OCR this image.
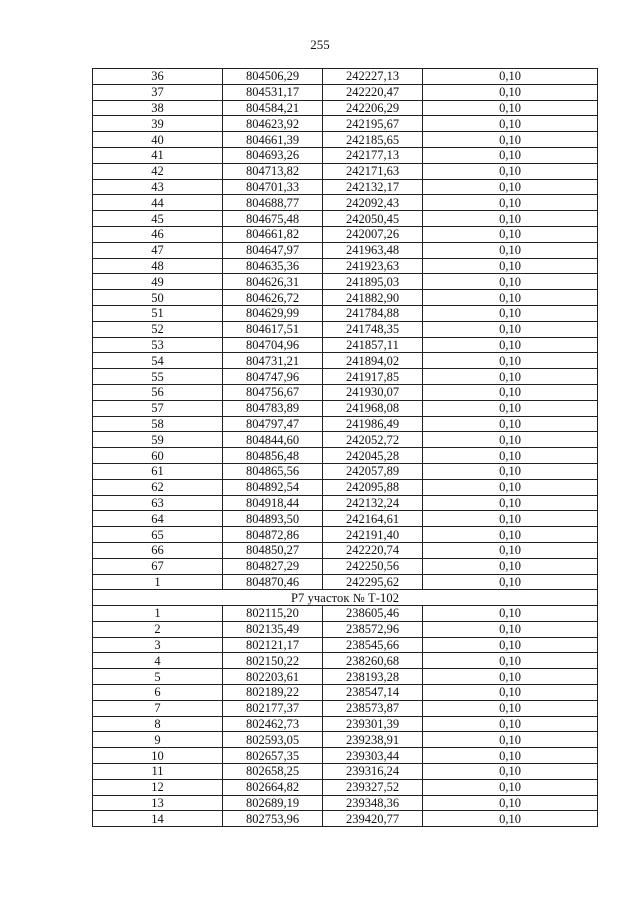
255
36	804506,29	242227,13	0,10
37	804531,17	242220,47	0,10
38	804584,21	242206,29	0,10
39	804623,92	242195,67	0,10
40	804661,39	242185,65	0,10
41	804693,26	242177,13	0,10
42	804713,82	242171,63	0,10
43	804701,33	242132,17	0,10
44	804688,77	242092,43	0,10
45	804675,48	242050,45	0,10
46	804661,82	242007,26	0,10
47	804647,97	241963,48	0,10
48	804635,36	241923,63	0,10
49	804626,31	241895,03	0,10
50	804626,72	241882,90	0,10
51	804629,99	241784,88	0,10
52	804617,51	241748,35	0,10
53	804704,96	241857,11	0,10
54	804731,21	241894,02	0,10
55	804747,96	241917,85	0,10
56	804756,67	241930,07	0,10
57	804783,89	241968,08	0,10
58	804797,47	241986,49	0,10
59	804844,60	242052,72	0,10
60	804856,48	242045,28	0,10
61	804865,56	242057,89	0,10
62	804892,54	242095,88	0,10
63	804918,44	242132,24	0,10
64	804893,50	242164,61	0,10
65	804872,86	242191,40	0,10
66	804850,27	242220,74	0,10
67	804827,29	242250,56	0,10
1	804870,46	242295,62	0,10
Р7 участок № Т-102			
1	802115,20	238605,46	0,10
2	802135,49	238572,96	0,10
3	802121,17	238545,66	0,10
4	802150,22	238260,68	0,10
5	802203,61	238193,28	0,10
6	802189,22	238547,14	0,10
7	802177,37	238573,87	0,10
8	802462,73	239301,39	0,10
9	802593,05	239238,91	0,10
10	802657,35	239303,44	0,10
11	802658,25	239316,24	0,10
12	802664,82	239327,52	0,10
13	802689,19	239348,36	0,10
14	802753,96	239420,77	0,10
